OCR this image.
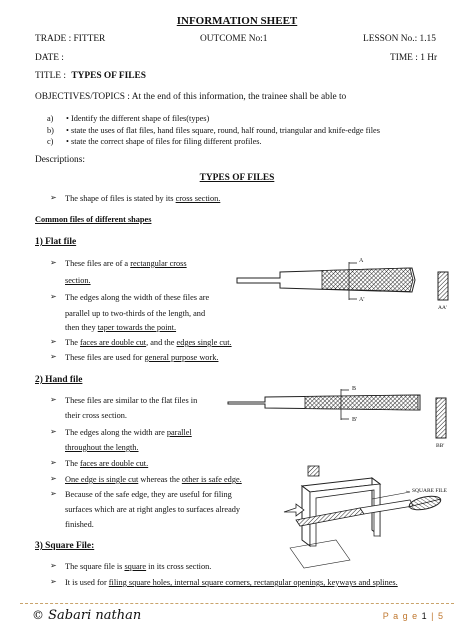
INFORMATION SHEET
TRADE : FITTER	OUTCOME No:1	LESSON No.: 1.15
DATE :	TIME : 1 Hr
TITLE : TYPES OF FILES
OBJECTIVES/TOPICS : At the end of this information, the trainee shall be able to
a) • Identify the different shape of files(types)
b) • state the uses of flat files, hand files square, round, half round, triangular and knife-edge files
c) • state the correct shape of files for filing different profiles.
Descriptions:
TYPES OF FILES
➢ The shape of files is stated by its cross section.
Common files of different shapes
1) Flat file
➢ These files are of a rectangular cross
section.
➢ The edges along the width of these files are
parallel up to two-thirds of the length, and
then they taper towards the point.
➢ The faces are double cut, and the edges single cut.
➢ These files are used for general purpose work.
A
A'
AA'
2) Hand file
➢ These files are similar to the flat files in
their cross section.
➢ The edges along the width are parallel
throughout the length.
➢ The faces are double cut.
➢ One edge is single cut whereas the other is safe edge.
➢ Because of the safe edge, they are useful for filing
surfaces which are at right angles to surfaces already
finished.
B
B'
BB'
SQUARE FILE
3) Square File:
➢ The square file is square in its cross section.
➢ It is used for filing square holes, internal square corners, rectangular openings, keyways and splines.
© Sabari nathan	P a g e 1 | 5
